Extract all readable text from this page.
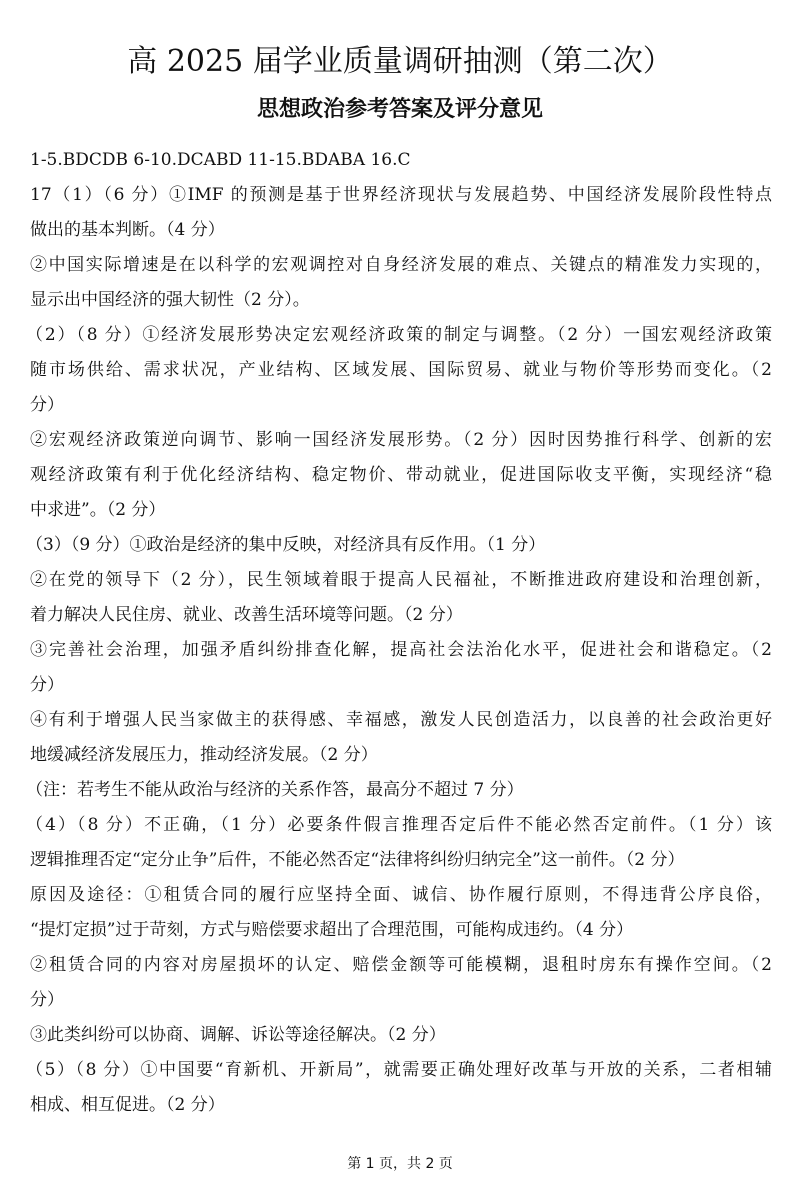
高 2025 届学业质量调研抽测（第二次）
思想政治参考答案及评分意见
1-5.BDCDB 6-10.DCABD 11-15.BDABA 16.C
17（1）（6 分）①IMF 的预测是基于世界经济现状与发展趋势、中国经济发展阶段性特点
做出的基本判断。（4 分）
②中国实际增速是在以科学的宏观调控对自身经济发展的难点、关键点的精准发力实现的，
显示出中国经济的强大韧性（2 分）。
（2）（8 分）①经济发展形势决定宏观经济政策的制定与调整。（2 分）一国宏观经济政策
随市场供给、需求状况，产业结构、区域发展、国际贸易、就业与物价等形势而变化。（2
分）
②宏观经济政策逆向调节、影响一国经济发展形势。（2 分）因时因势推行科学、创新的宏
观经济政策有利于优化经济结构、稳定物价、带动就业，促进国际收支平衡，实现经济“稳
中求进”。（2 分）
（3）（9 分）①政治是经济的集中反映，对经济具有反作用。（1 分）
②在党的领导下（2 分），民生领域着眼于提高人民福祉，不断推进政府建设和治理创新，
着力解决人民住房、就业、改善生活环境等问题。（2 分）
③完善社会治理，加强矛盾纠纷排查化解，提高社会法治化水平，促进社会和谐稳定。（2
分）
④有利于增强人民当家做主的获得感、幸福感，激发人民创造活力，以良善的社会政治更好
地缓减经济发展压力，推动经济发展。（2 分）
（注：若考生不能从政治与经济的关系作答，最高分不超过 7 分）
（4）（8 分）不正确，（1 分）必要条件假言推理否定后件不能必然否定前件。（1 分）该
逻辑推理否定“定分止争”后件，不能必然否定“法律将纠纷归纳完全”这一前件。（2 分）
原因及途径：①租赁合同的履行应坚持全面、诚信、协作履行原则，不得违背公序良俗，
“提灯定损”过于苛刻，方式与赔偿要求超出了合理范围，可能构成违约。（4 分）
②租赁合同的内容对房屋损坏的认定、赔偿金额等可能模糊，退租时房东有操作空间。（2
分）
③此类纠纷可以协商、调解、诉讼等途径解决。（2 分）
（5）（8 分）①中国要“育新机、开新局”，就需要正确处理好改革与开放的关系，二者相辅
相成、相互促进。（2 分）
第 1 页，共 2 页
